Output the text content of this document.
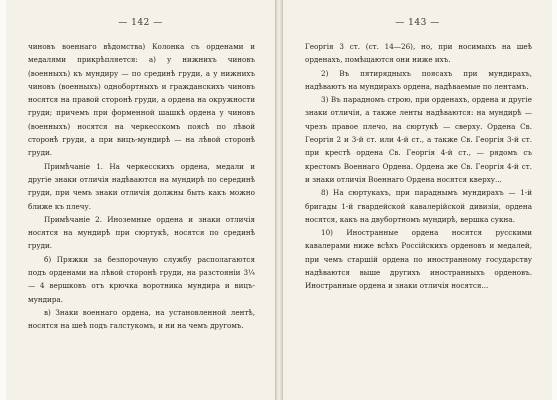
— 142 —

чиновъ военнаго вѣдомства) Колонка съ орденами и медалями прикрѣпляется: а) у нижнихъ чиновъ (военныхъ) къ мундиру — по срединѣ груди, а у нижнихъ чиновъ (военныхъ) однобортныхъ и гражданскихъ чиновъ носятся на правой сторонѣ груди, а ордена на окружности груди; причемъ при форменной шашкѣ ордена у чиновъ (военныхъ) носятся на черкесскомъ поясѣ по лѣвой сторонѣ груди, а при вицъ-мундирѣ — на лѣвой сторонѣ груди.

Примѣчаніе 1. На черкесскихъ ордена, медали и другіе знаки отличія надѣваются на мундирѣ по серединѣ груди, при чемъ знаки отличія должны быть какъ можно ближе къ плечу.

Примѣчаніе 2. Иноземные ордена и знаки отличія носятся на мундирѣ при сюртукѣ, носятся по срединѣ груди.

б) Пряжки за безпорочную службу располагаются подъ орденами на лѣвой сторонѣ груди, на разстояніи 3¼ — 4 вершковъ отъ крючка воротника мундира и вицъ-мундира.

в) Знаки военнаго ордена, на установленной лентѣ, носятся на шеѣ подъ галстукомъ, и ни на чемъ другомъ.

— 143 —

Георгія 3 ст. (ст. 14—26), но, при носимыхъ на шеѣ орденахъ, помѣщаются они ниже ихъ.

2) Въ пятирядныхъ поясахъ при мундирахъ, надѣваютъ на мундирахъ ордена, надѣваемые по лентамъ.

3) Въ парадномъ строю, при орденахъ, ордена и другіе знаки отличія, а также ленты надѣваются: на мундирѣ — чрезъ правое плечо, на сюртукѣ — сверху. Ордена Св. Георгія 2 и 3-й ст. или 4-й ст., а также Св. Георгія 3-й ст. при крестѣ ордена Св. Георгія 4-й ст., — рядомъ съ крестомъ Военнаго Ордена. Ордена же Св. Георгія 4-й ст. и знаки отличія Военнаго Ордена носятся кверху...

8) На сюртукахъ, при параднымъ мундирахъ — 1-й бригады 1-й гвардейской кавалерійской дивизіи, ордена носятся, какъ на двубортномъ мундирѣ, вершка сукна.

10) Иностранные ордена носятся русскими кавалерами ниже всѣхъ Россійскихъ орденовъ и медалей, при чемъ старшій ордена по иностранному государству надѣваются выше другихъ иностранныхъ орденовъ. Иностранные ордена и знаки отличія носятся...
